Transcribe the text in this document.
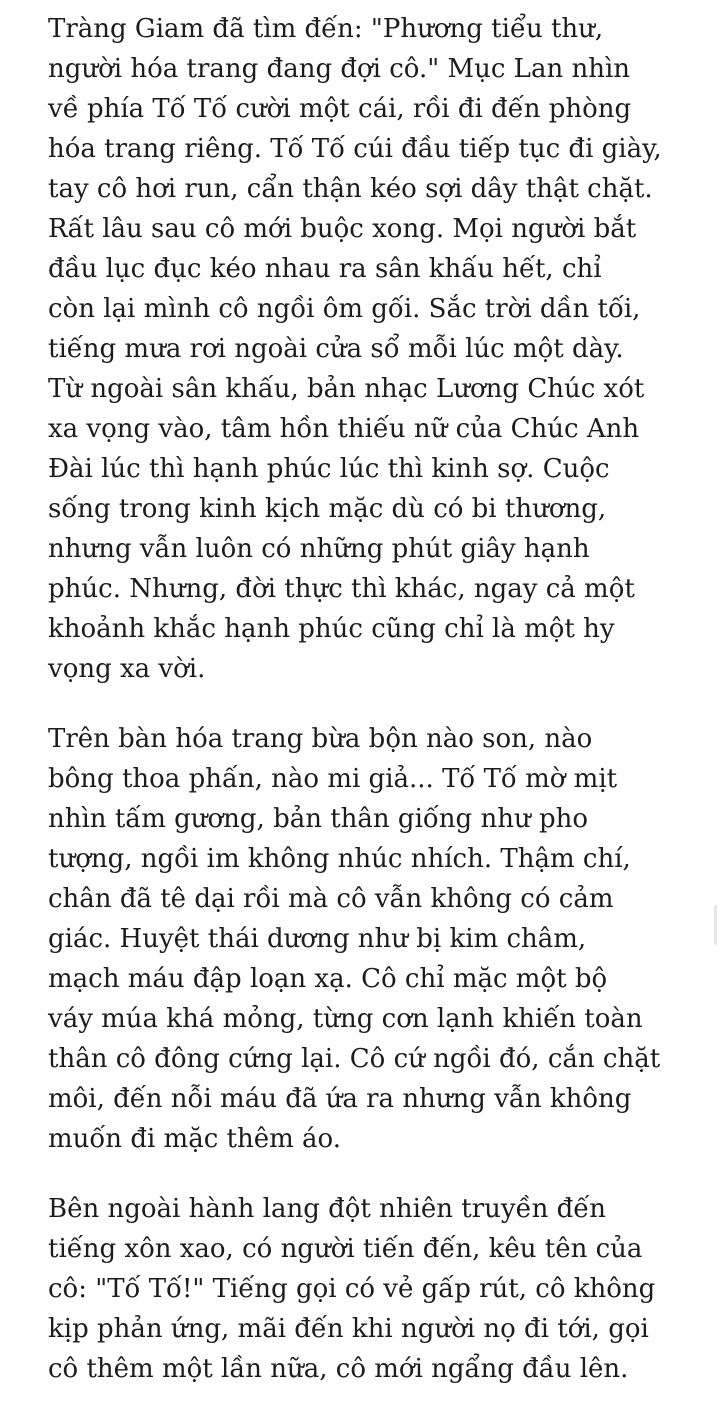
Tràng Giam đã tìm đến: "Phương tiểu thư,
người hóa trang đang đợi cô." Mục Lan nhìn
về phía Tố Tố cười một cái, rồi đi đến phòng
hóa trang riêng. Tố Tố cúi đầu tiếp tục đi giày,
tay cô hơi run, cẩn thận kéo sợi dây thật chặt.
Rất lâu sau cô mới buộc xong. Mọi người bắt
đầu lục đục kéo nhau ra sân khấu hết, chỉ
còn lại mình cô ngồi ôm gối. Sắc trời dần tối,
tiếng mưa rơi ngoài cửa sổ mỗi lúc một dày.
Từ ngoài sân khấu, bản nhạc Lương Chúc xót
xa vọng vào, tâm hồn thiếu nữ của Chúc Anh
Đài lúc thì hạnh phúc lúc thì kinh sợ. Cuộc
sống trong kinh kịch mặc dù có bi thương,
nhưng vẫn luôn có những phút giây hạnh
phúc. Nhưng, đời thực thì khác, ngay cả một
khoảnh khắc hạnh phúc cũng chỉ là một hy
vọng xa vời.
Trên bàn hóa trang bừa bộn nào son, nào
bông thoa phấn, nào mi giả... Tố Tố mờ mịt
nhìn tấm gương, bản thân giống như pho
tượng, ngồi im không nhúc nhích. Thậm chí,
chân đã tê dại rồi mà cô vẫn không có cảm
giác. Huyệt thái dương như bị kim châm,
mạch máu đập loạn xạ. Cô chỉ mặc một bộ
váy múa khá mỏng, từng cơn lạnh khiến toàn
thân cô đông cứng lại. Cô cứ ngồi đó, cắn chặt
môi, đến nỗi máu đã ứa ra nhưng vẫn không
muốn đi mặc thêm áo.
Bên ngoài hành lang đột nhiên truyền đến
tiếng xôn xao, có người tiến đến, kêu tên của
cô: "Tố Tố!" Tiếng gọi có vẻ gấp rút, cô không
kịp phản ứng, mãi đến khi người nọ đi tới, gọi
cô thêm một lần nữa, cô mới ngẩng đầu lên.
